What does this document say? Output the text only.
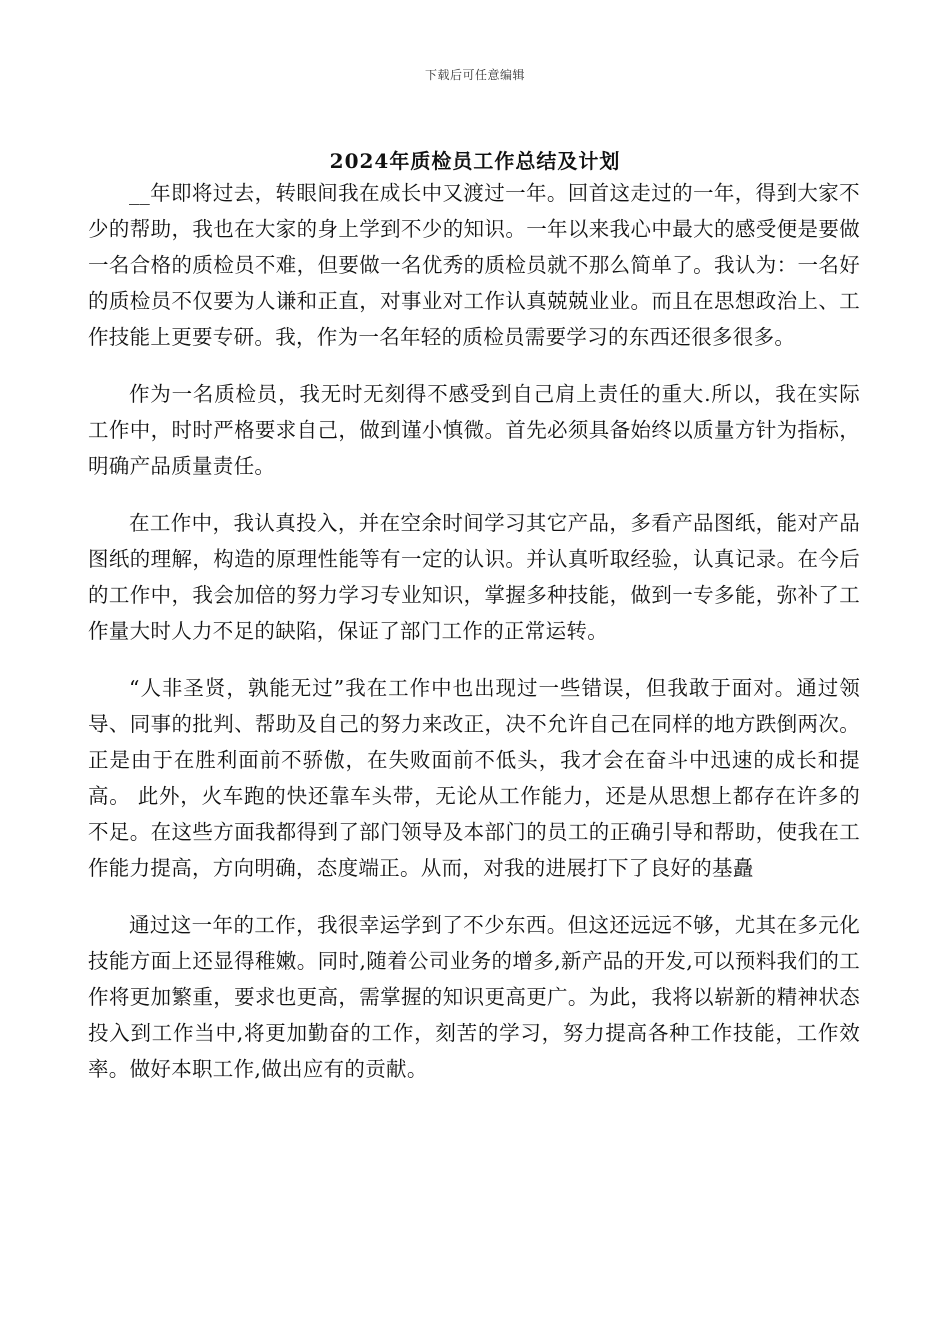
下载后可任意编辑
2024年质检员工作总结及计划

__年即将过去，转眼间我在成长中又渡过一年。回首这走过的一年，得到大家不少的帮助，我也在大家的身上学到不少的知识。一年以来我心中最大的感受便是要做一名合格的质检员不难，但要做一名优秀的质检员就不那么简单了。我认为：一名好的质检员不仅要为人谦和正直，对事业对工作认真兢兢业业。而且在思想政治上、工作技能上更要专研。我，作为一名年轻的质检员需要学习的东西还很多很多。

作为一名质检员，我无时无刻得不感受到自己肩上责任的重大.所以，我在实际工作中，时时严格要求自己，做到谨小慎微。首先必须具备始终以质量方针为指标，明确产品质量责任。

在工作中，我认真投入，并在空余时间学习其它产品，多看产品图纸，能对产品图纸的理解，构造的原理性能等有一定的认识。并认真听取经验，认真记录。在今后的工作中，我会加倍的努力学习专业知识，掌握多种技能，做到一专多能，弥补了工作量大时人力不足的缺陷，保证了部门工作的正常运转。

“人非圣贤，孰能无过”我在工作中也出现过一些错误，但我敢于面对。通过领导、同事的批判、帮助及自己的努力来改正，决不允许自己在同样的地方跌倒两次。正是由于在胜利面前不骄傲，在失败面前不低头，我才会在奋斗中迅速的成长和提高。 此外，火车跑的快还靠车头带，无论从工作能力，还是从思想上都存在许多的不足。在这些方面我都得到了部门领导及本部门的员工的正确引导和帮助，使我在工作能力提高，方向明确，态度端正。从而，对我的进展打下了良好的基矗

通过这一年的工作，我很幸运学到了不少东西。但这还远远不够，尤其在多元化技能方面上还显得稚嫩。同时,随着公司业务的增多,新产品的开发,可以预料我们的工作将更加繁重，要求也更高，需掌握的知识更高更广。为此，我将以崭新的精神状态投入到工作当中,将更加勤奋的工作，刻苦的学习，努力提高各种工作技能，工作效率。做好本职工作,做出应有的贡献。
